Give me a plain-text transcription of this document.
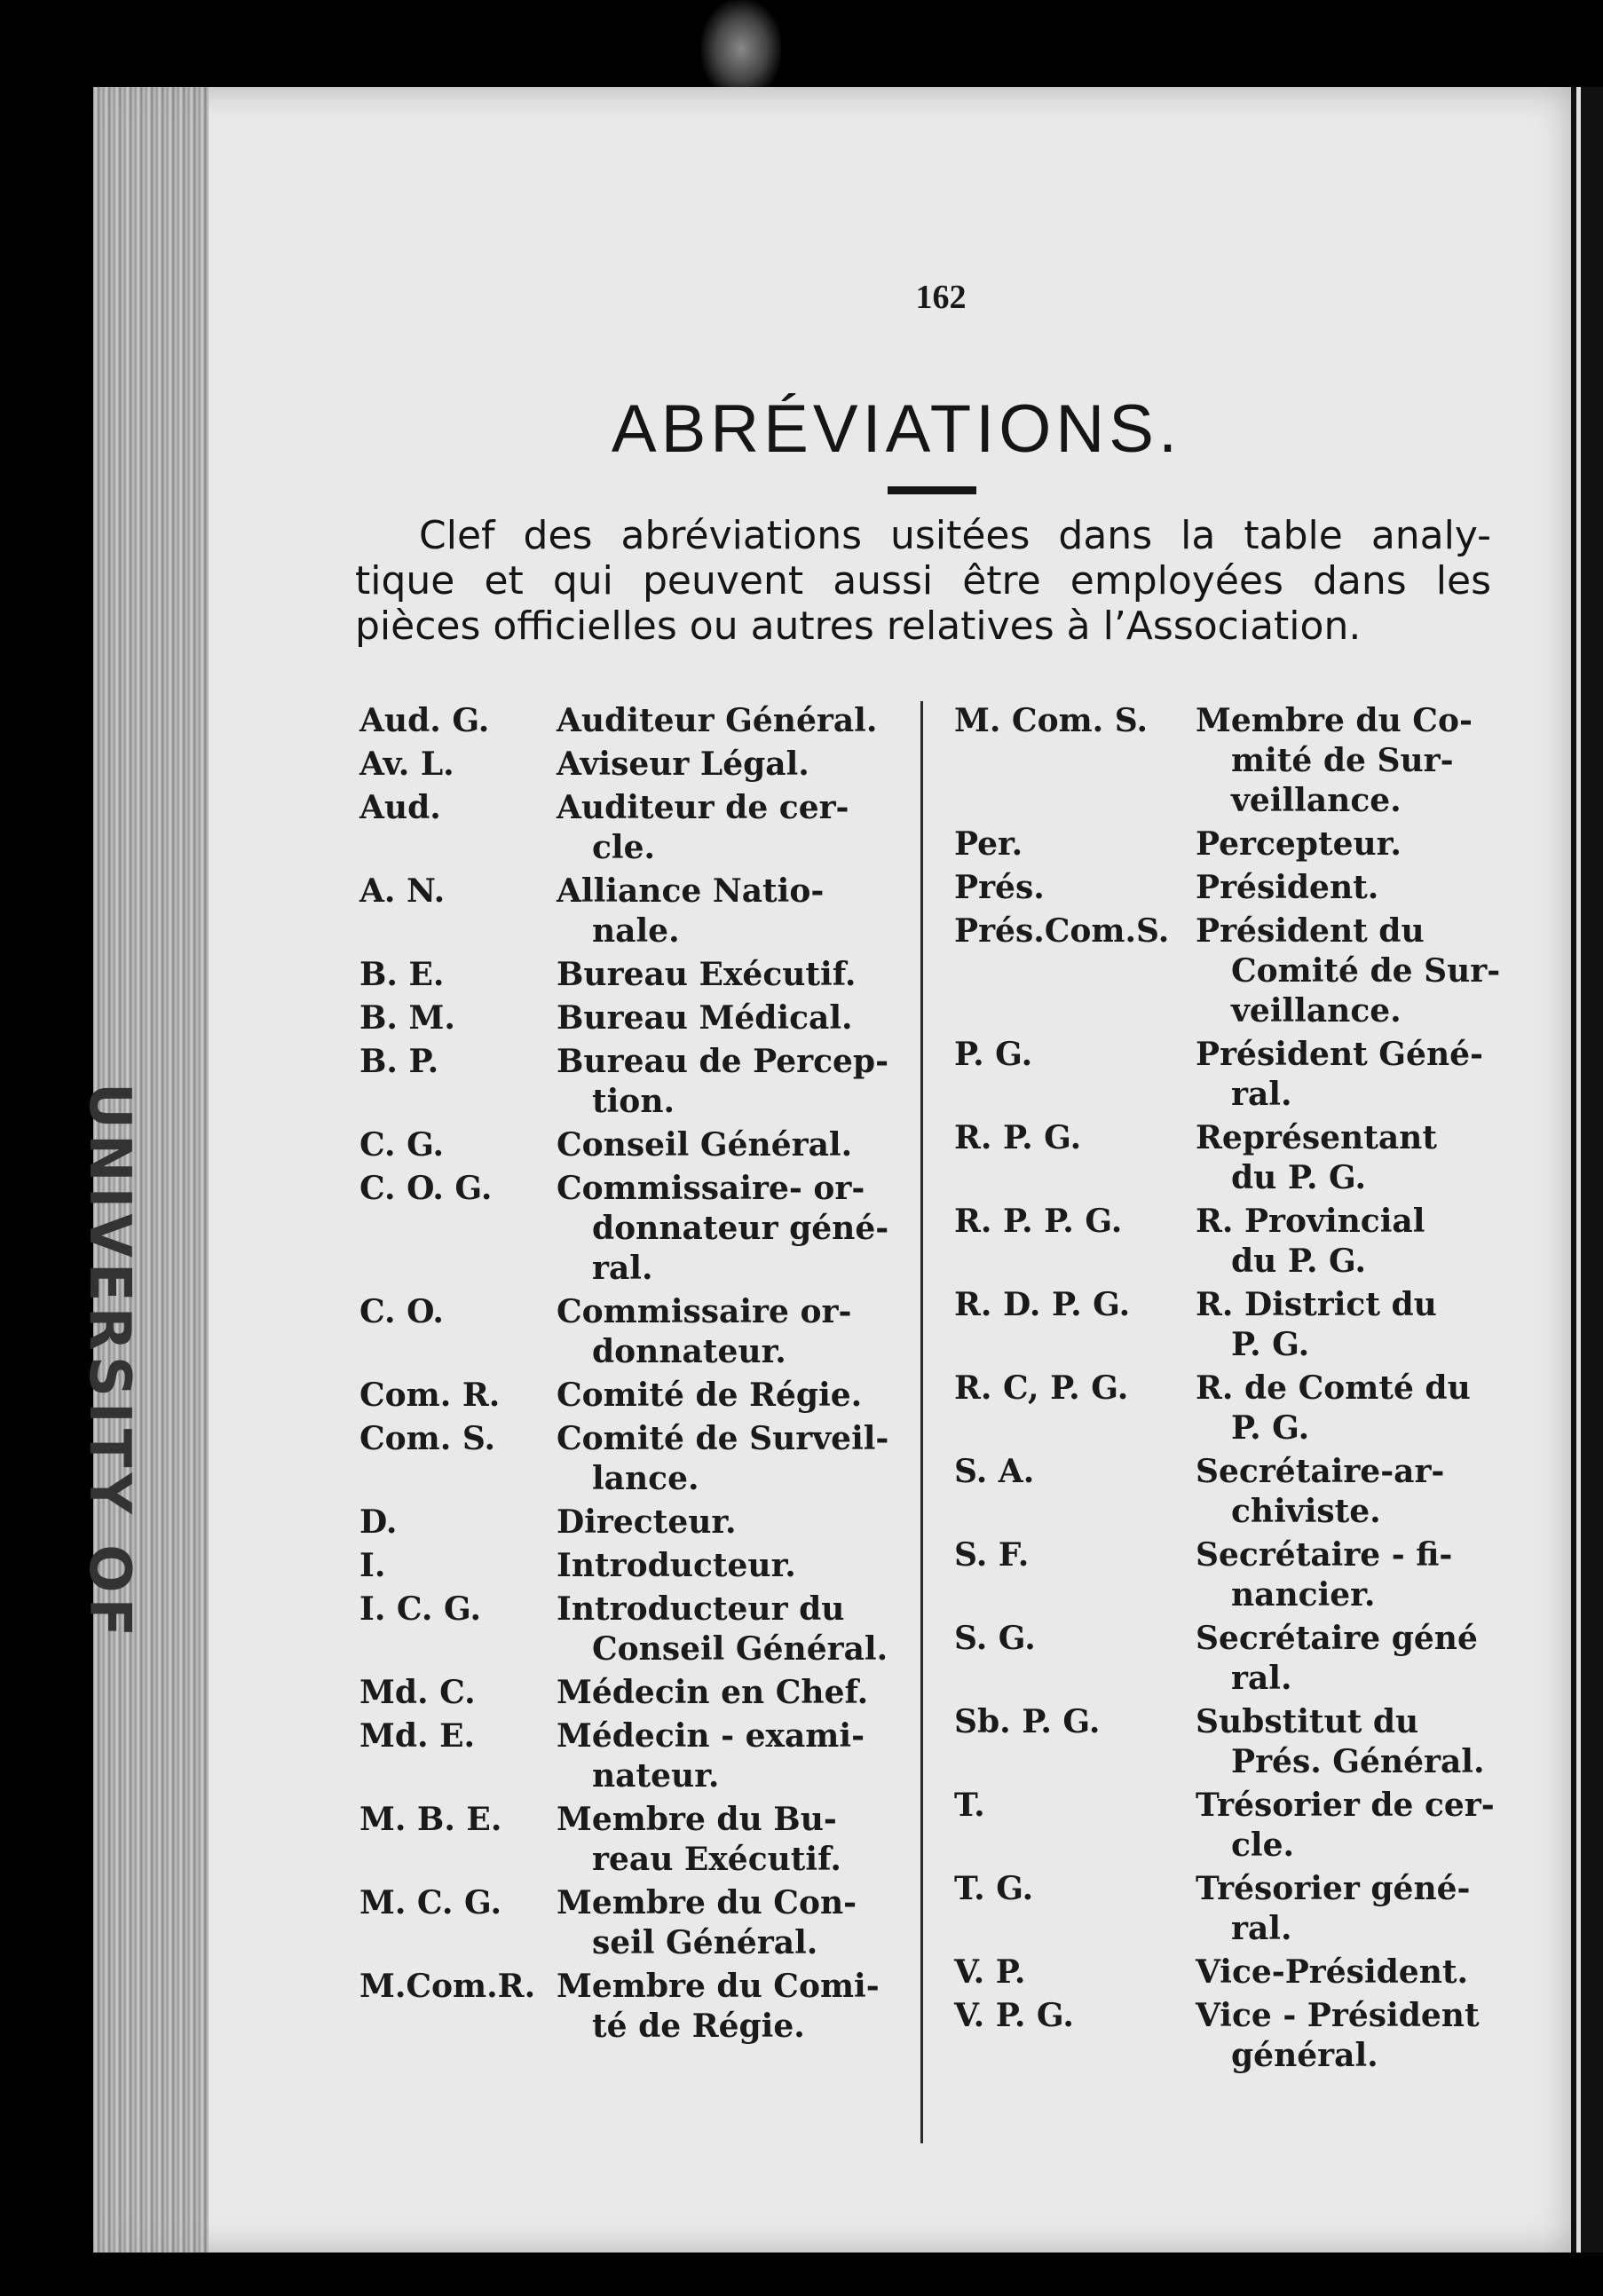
UNIVERSITY OF
162
ABRÉVIATIONS.
Clef des abréviations usitées dans la table analy-
tique et qui peuvent aussi être employées dans les
pièces officielles ou autres relatives à l’Association.
Aud. G.	Auditeur Général.
Av. L.	Aviseur Légal.
Aud.	Auditeur de cer-
cle.
A. N.	Alliance Natio-
nale.
B. E.	Bureau Exécutif.
B. M.	Bureau Médical.
B. P.	Bureau de Percep-
tion.
C. G.	Conseil Général.
C. O. G.	Commissaire- or-
donnateur géné-
ral.
C. O.	Commissaire or-
donnateur.
Com. R.	Comité de Régie.
Com. S.	Comité de Surveil-
lance.
D.	Directeur.
I.	Introducteur.
I. C. G.	Introducteur du
Conseil Général.
Md. C.	Médecin en Chef.
Md. E.	Médecin - exami-
nateur.
M. B. E.	Membre du Bu-
reau Exécutif.
M. C. G.	Membre du Con-
seil Général.
M.Com.R. Membre du Comi-
té de Régie.
M. Com. S.	Membre du Co-
mité de Sur-
veillance.
Per.	Percepteur.
Prés.	Président.
Prés.Com.S. Président du
Comité de Sur-
veillance.
P. G.	Président Géné-
ral.
R. P. G.	Représentant
du P. G.
R. P. P. G.	R. Provincial
du P. G.
R. D. P. G.	R. District du
P. G.
R. C, P. G.	R. de Comté du
P. G.
S. A.	Secrétaire-ar-
chiviste.
S. F.	Secrétaire - fi-
nancier.
S. G.	Secrétaire géné
ral.
Sb. P. G.	Substitut du
Prés. Général.
T.	Trésorier de cer-
cle.
T. G.	Trésorier géné-
ral.
V. P.	Vice-Président.
V. P. G.	Vice - Président
général.
